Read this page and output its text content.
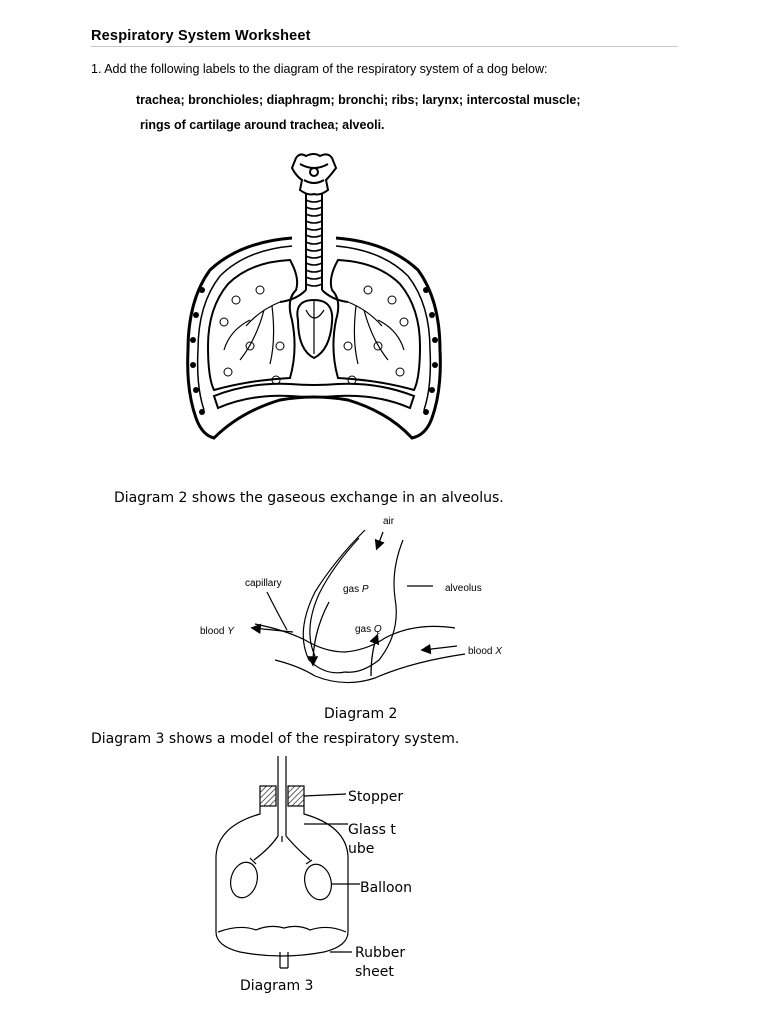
Respiratory System Worksheet
1. Add the following labels to the diagram of the respiratory system of a dog below:
trachea; bronchioles; diaphragm; bronchi; ribs; larynx; intercostal muscle;
rings of cartilage around trachea; alveoli.
Diagram 2 shows the gaseous exchange in an alveolus.
air
capillary
gas P	alveolus
blood Y	gas Q
blood X
Diagram 2
Diagram 3 shows a model of the respiratory system.
Stopper
Glass tube
Balloon
Rubber sheet
Diagram 3
